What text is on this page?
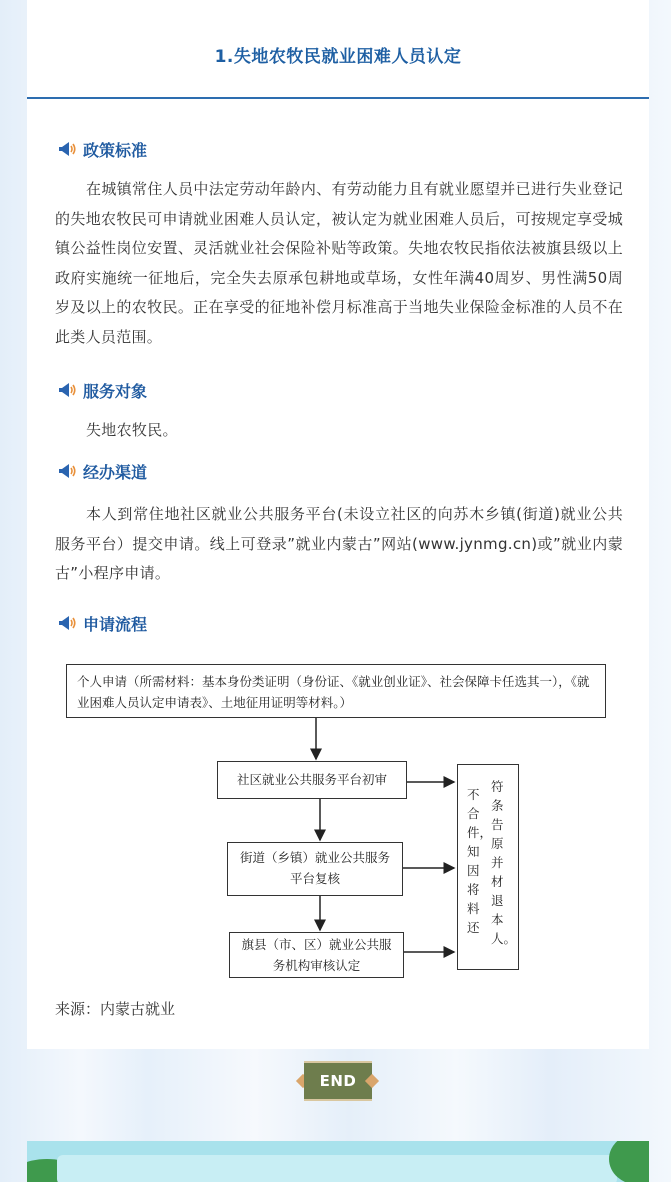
1.失地农牧民就业困难人员认定
政策标准
在城镇常住人员中法定劳动年龄内、有劳动能力且有就业愿望并已进行失业登记的失地农牧民可申请就业困难人员认定，被认定为就业困难人员后，可按规定享受城镇公益性岗位安置、灵活就业社会保险补贴等政策。失地农牧民指依法被旗县级以上政府实施统一征地后，完全失去原承包耕地或草场，女性年满40周岁、男性满50周岁及以上的农牧民。正在享受的征地补偿月标准高于当地失业保险金标准的人员不在此类人员范围。
服务对象
失地农牧民。
经办渠道
本人到常住地社区就业公共服务平台(未设立社区的向苏木乡镇(街道)就业公共服务平台）提交申请。线上可登录”就业内蒙古”网站(www.jynmg.cn)或”就业内蒙古”小程序申请。
申请流程
个人申请（所需材料：基本身份类证明（身份证、《就业创业证》、社会保障卡任选其一），《就业困难人员认定申请表》、土地征用证明等材料。）
社区就业公共服务平台初审
街道（乡镇）就业公共服务平台复核
旗县（市、区）就业公共服务机构审核认定
不合件，知因将料还
符条告原并材退本人。
来源：内蒙古就业
END
